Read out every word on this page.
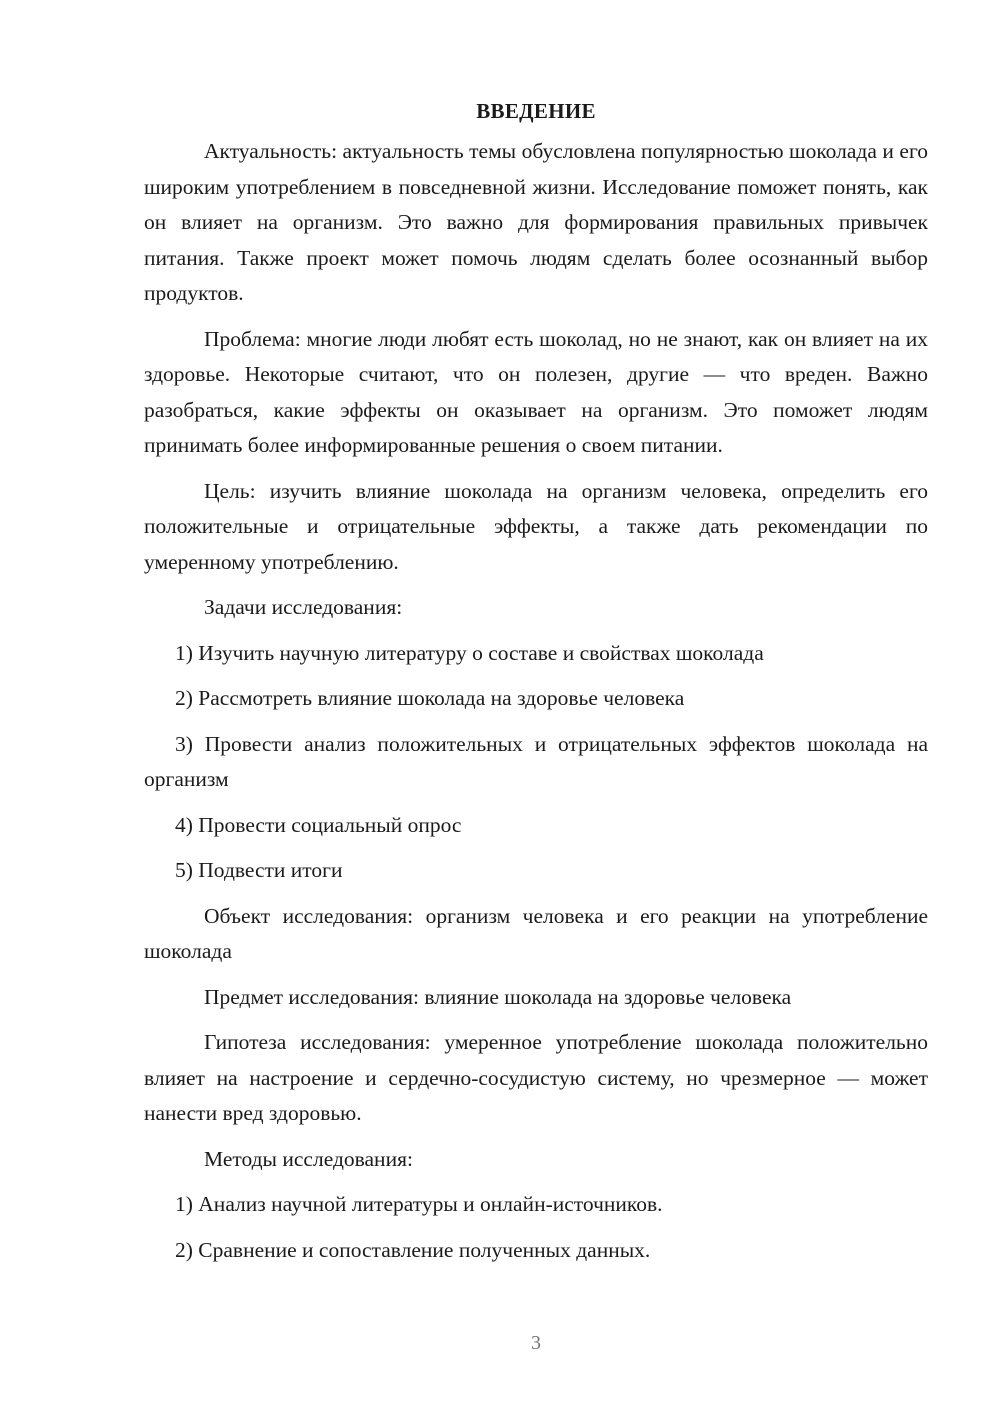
ВВЕДЕНИЕ

Актуальность: актуальность темы обусловлена популярностью шоколада и его широким употреблением в повседневной жизни. Исследование поможет понять, как он влияет на организм. Это важно для формирования правильных привычек питания. Также проект может помочь людям сделать более осознанный выбор продуктов.

Проблема: многие люди любят есть шоколад, но не знают, как он влияет на их здоровье. Некоторые считают, что он полезен, другие — что вреден. Важно разобраться, какие эффекты он оказывает на организм. Это поможет людям принимать более информированные решения о своем питании.

Цель: изучить влияние шоколада на организм человека, определить его положительные и отрицательные эффекты, а также дать рекомендации по умеренному употреблению.

Задачи исследования:

1) Изучить научную литературу о составе и свойствах шоколада

2) Рассмотреть влияние шоколада на здоровье человека

3) Провести анализ положительных и отрицательных эффектов шоколада на организм

4) Провести социальный опрос

5) Подвести итоги

Объект исследования: организм человека и его реакции на употребление шоколада

Предмет исследования: влияние шоколада на здоровье человека

Гипотеза исследования: умеренное употребление шоколада положительно влияет на настроение и сердечно-сосудистую систему, но чрезмерное — может нанести вред здоровью.

Методы исследования:

1) Анализ научной литературы и онлайн-источников.

2) Сравнение и сопоставление полученных данных.

3
